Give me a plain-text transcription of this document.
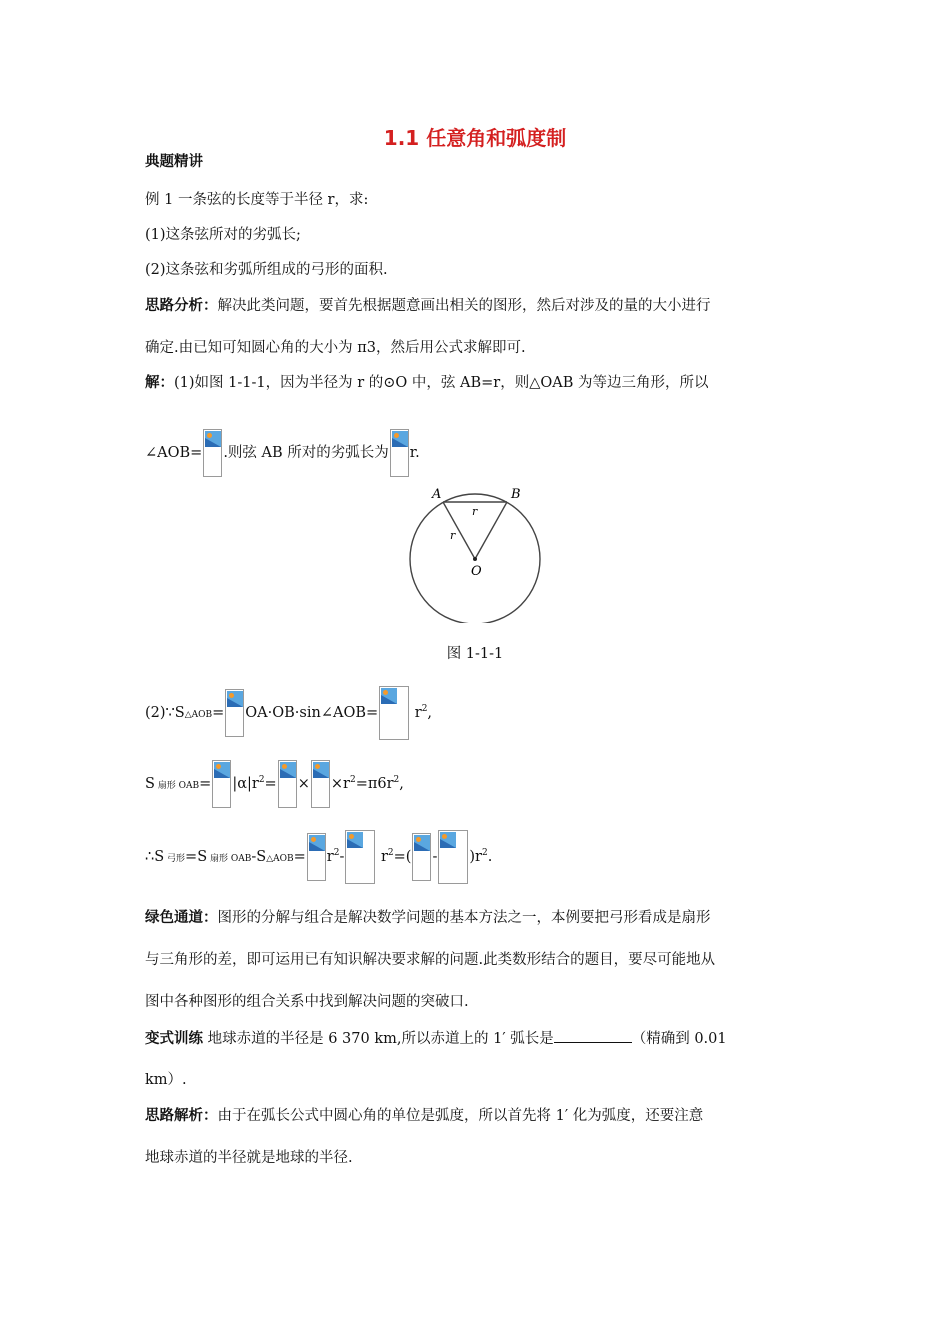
1.1 任意角和弧度制

典题精讲

例 1 一条弦的长度等于半径 r，求:

(1)这条弦所对的劣弧长;

(2)这条弦和劣弧所组成的弓形的面积.

思路分析：解决此类问题，要首先根据题意画出相关的图形，然后对涉及的量的大小进行

确定.由已知可知圆心角的大小为 π3，然后用公式求解即可.

解：(1)如图 1-1-1，因为半径为 r 的⊙O 中，弦 AB=r，则△OAB 为等边三角形，所以

∠AOB= .则弦 AB 所对的劣弧长为 r.

A	B
O
r
r
图 1-1-1

(2)∵S△AOB= OA·OB·sin∠AOB=
$r^2$,

S 扇形 $OAB= |\alpha|r^2= \times \times r^2=\pi 6r^2$,

∴S 弓形=S 扇形 OAB-S△AOB= $r^2-$
$r^2=( - )r^2$.

绿色通道：图形的分解与组合是解决数学问题的基本方法之一，本例要把弓形看成是扇形

与三角形的差，即可运用已有知识解决要求解的问题.此类数形结合的题目，要尽可能地从

图中各种图形的组合关系中找到解决问题的突破口.

变式训练 地球赤道的半径是 6 370 km,所以赤道上的 1′ 弧长是	（精确到 0.01

km）.

思路解析：由于在弧长公式中圆心角的单位是弧度，所以首先将 1′ 化为弧度，还要注意

地球赤道的半径就是地球的半径.
